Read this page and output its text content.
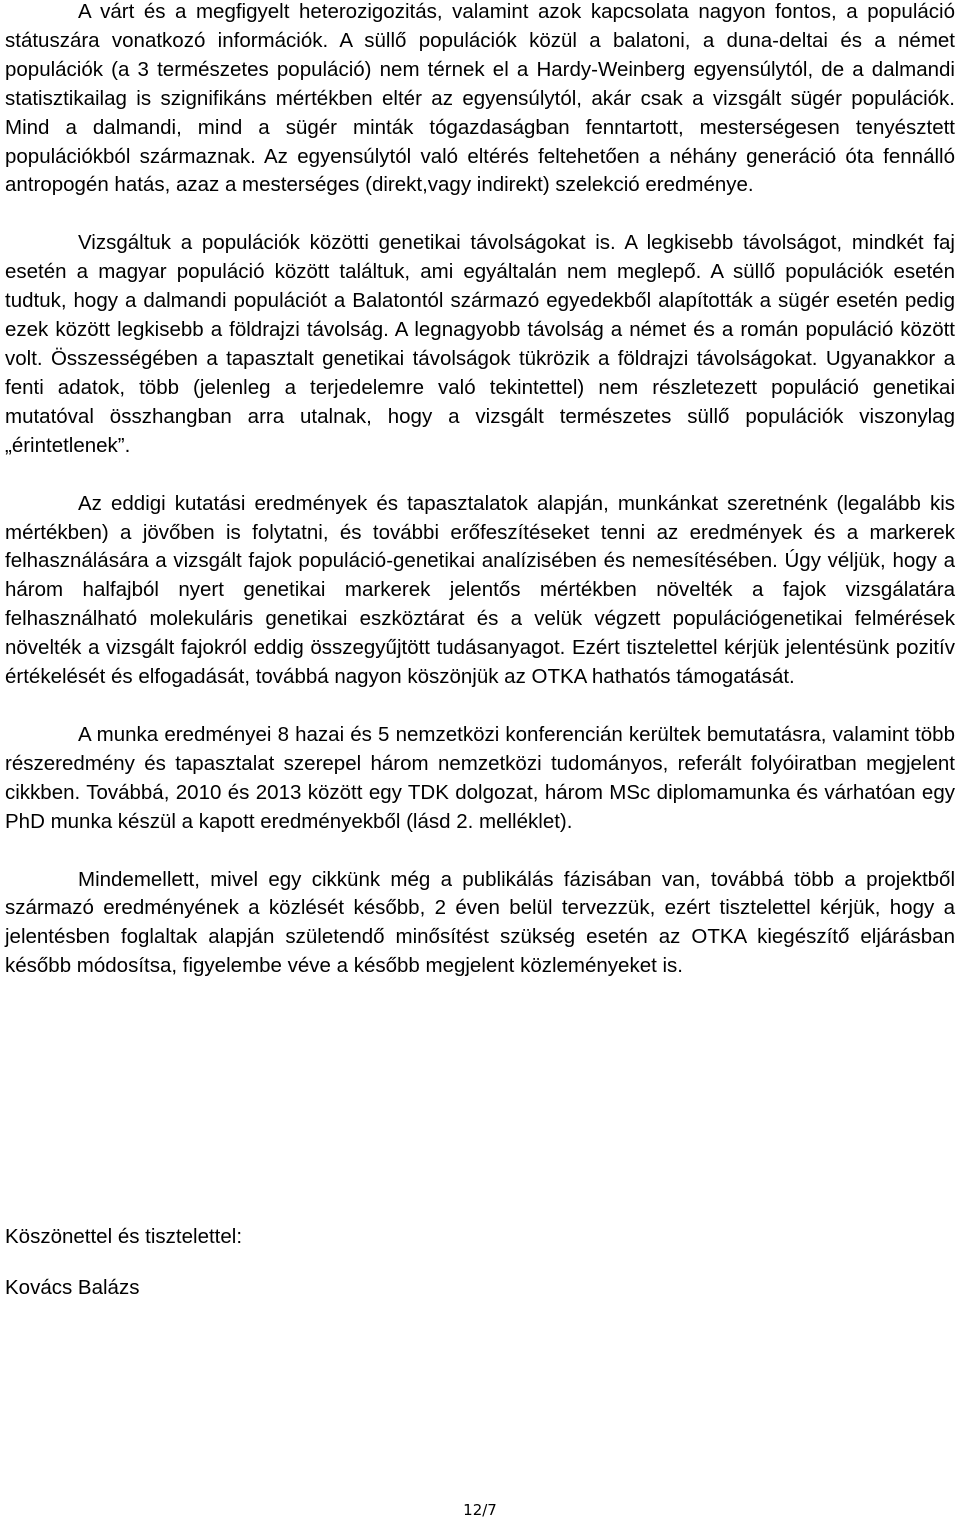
A várt és a megfigyelt heterozigozitás, valamint azok kapcsolata nagyon fontos, a populáció státuszára vonatkozó információk. A süllő populációk közül a balatoni, a duna-deltai és a német populációk (a 3 természetes populáció) nem térnek el a Hardy-Weinberg egyensúlytól, de a dalmandi statisztikailag is szignifikáns mértékben eltér az egyensúlytól, akár csak a vizsgált sügér populációk. Mind a dalmandi, mind a sügér minták tógazdaságban fenntartott, mesterségesen tenyésztett populációkból származnak. Az egyensúlytól való eltérés feltehetően a néhány generáció óta fennálló antropogén hatás, azaz a mesterséges (direkt,vagy indirekt) szelekció eredménye.

Vizsgáltuk a populációk közötti genetikai távolságokat is. A legkisebb távolságot, mindkét faj esetén a magyar populáció között találtuk, ami egyáltalán nem meglepő. A süllő populációk esetén tudtuk, hogy a dalmandi populációt a Balatontól származó egyedekből alapították a sügér esetén pedig ezek között legkisebb a földrajzi távolság. A legnagyobb távolság a német és a román populáció között volt. Összességében a tapasztalt genetikai távolságok tükrözik a földrajzi távolságokat. Ugyanakkor a fenti adatok, több (jelenleg a terjedelemre való tekintettel) nem részletezett populáció genetikai mutatóval összhangban arra utalnak, hogy a vizsgált természetes süllő populációk viszonylag „érintetlenek”.

Az eddigi kutatási eredmények és tapasztalatok alapján, munkánkat szeretnénk (legalább kis mértékben) a jövőben is folytatni, és további erőfeszítéseket tenni az eredmények és a markerek felhasználására a vizsgált fajok populáció-genetikai analízisében és nemesítésében. Úgy véljük, hogy a három halfajból nyert genetikai markerek jelentős mértékben növelték a fajok vizsgálatára felhasználható molekuláris genetikai eszköztárat és a velük végzett populációgenetikai felmérések növelték a vizsgált fajokról eddig összegyűjtött tudásanyagot. Ezért tisztelettel kérjük jelentésünk pozitív értékelését és elfogadását, továbbá nagyon köszönjük az OTKA hathatós támogatását.

A munka eredményei 8 hazai és 5 nemzetközi konferencián kerültek bemutatásra, valamint több részeredmény és tapasztalat szerepel három nemzetközi tudományos, referált folyóiratban megjelent cikkben. Továbbá, 2010 és 2013 között egy TDK dolgozat, három MSc diplomamunka és várhatóan egy PhD munka készül a kapott eredményekből (lásd 2. melléklet).

Mindemellett, mivel egy cikkünk még a publikálás fázisában van, továbbá több a projektből származó eredményének a közlését később, 2 éven belül tervezzük, ezért tisztelettel kérjük, hogy a jelentésben foglaltak alapján születendő minősítést szükség esetén az OTKA kiegészítő eljárásban később módosítsa, figyelembe véve a később megjelent közleményeket is.

Köszönettel és tisztelettel:

Kovács Balázs

12/7
